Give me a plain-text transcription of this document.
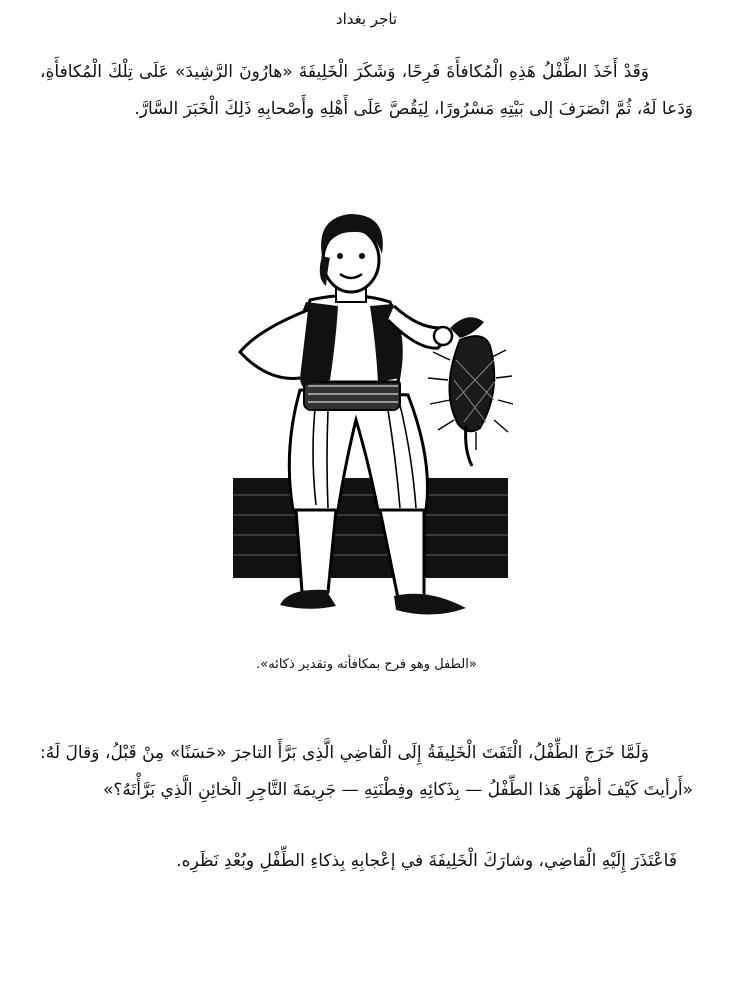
تاجر بغداد

وَقَدْ أَخَذَ الطِّفْلُ هَذِهِ الْمُكافأَةَ فَرِحًا، وَشَكَرَ الْخَلِيفَةَ «هارُونَ الرَّشِيدَ» عَلَى تِلْكَ الْمُكافأَةِ، وَدَعا لَهُ، ثُمَّ انْصَرَفَ إلى بَيْتِهِ مَسْرُورًا، لِيَقُصَّ عَلَى أَهْلِهِ وأَصْحابِهِ ذَلِكَ الْخَبَرَ السَّارَّ.

«الطفل وهو فرح بمكافأته وتقدير ذكائه».

وَلَمَّا خَرَجَ الطِّفْلُ، الْتَفَتَ الْخَلِيفَةُ إِلَى الْقاضِي الَّذِى بَرَّأَ التاجرَ «حَسَنًا» مِنْ قَبْلُ، وَقالَ لَهُ: «أَرأيتَ كَيْفَ أظْهَرَ هَذا الطِّفْلُ — بِذَكائِهِ وفِطْنَتِهِ — جَرِيمَةَ التَّاجِرِ الْخائِنِ الَّذِي بَرَّأْتَهُ؟»

فَاعْتَذَرَ إِلَيْهِ الْقاضِي، وشارَكَ الْخَلِيفَةَ في إعْجابِهِ بِذكاءِ الطِّفْلِ وبُعْدِ نَظَرِه.
